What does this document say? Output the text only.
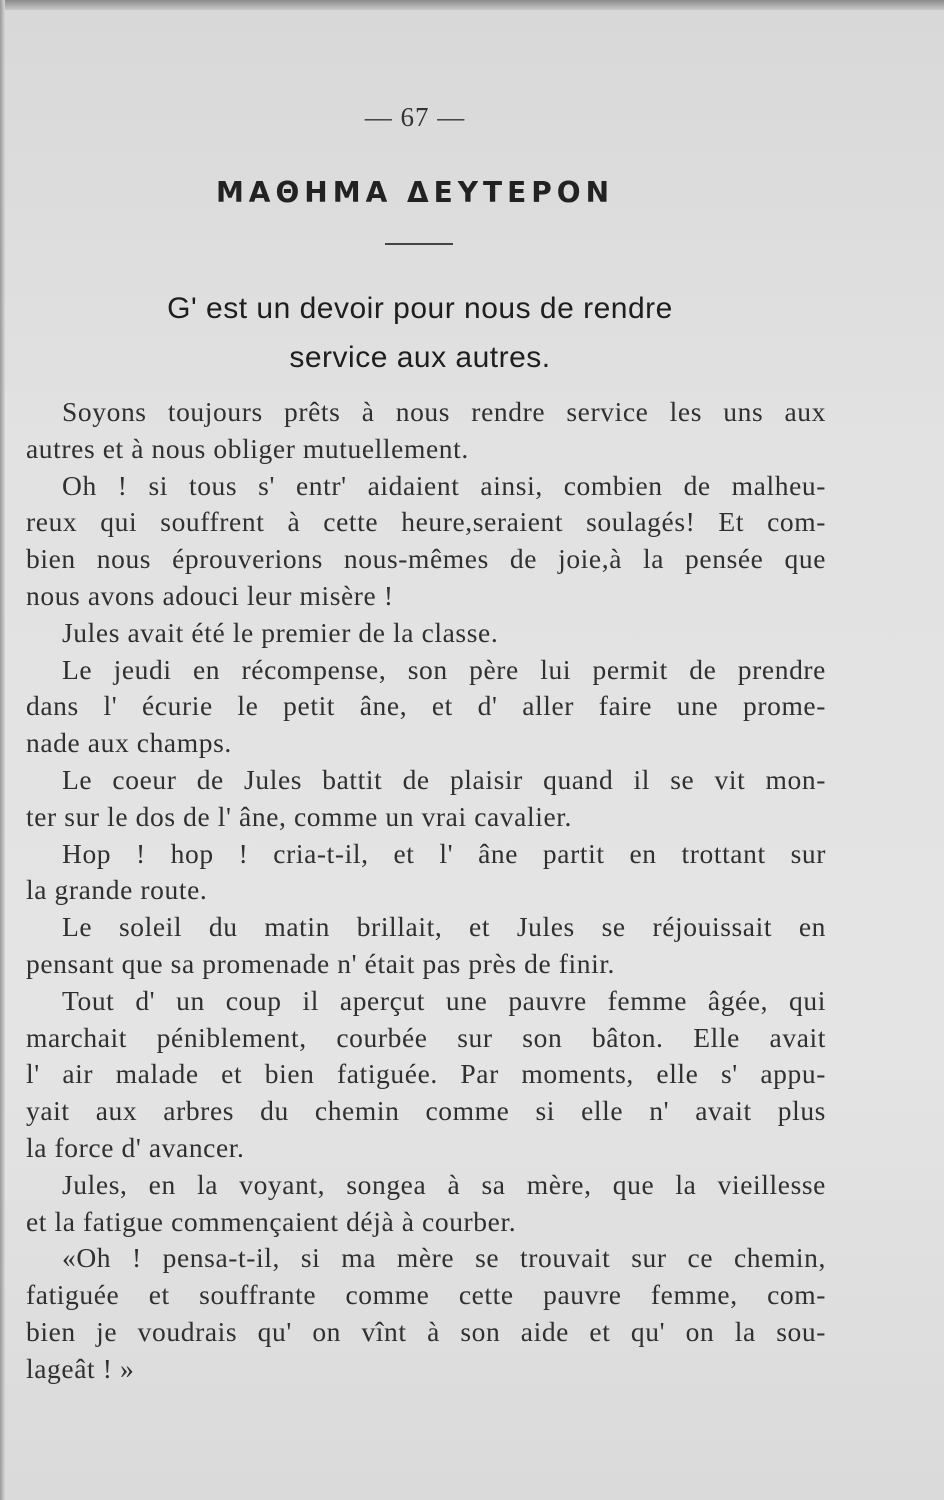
— 67 —
ΜΑΘΗΜΑ ΔΕΥΤΕΡΟΝ
G' est un devoir pour nous de rendre
service aux autres.
Soyons toujours prêts à nous rendre service les uns aux
autres et à nous obliger mutuellement.
Oh ! si tous s' entr' aidaient ainsi, combien de malheu-
reux qui souffrent à cette heure,seraient soulagés! Et com-
bien nous éprouverions nous-mêmes de joie,à la pensée que
nous avons adouci leur misère !
Jules avait été le premier de la classe.
Le jeudi en récompense, son père lui permit de prendre
dans l' écurie le petit âne, et d' aller faire une prome-
nade aux champs.
Le coeur de Jules battit de plaisir quand il se vit mon-
ter sur le dos de l' âne, comme un vrai cavalier.
Hop ! hop ! cria-t-il, et l' âne partit en trottant sur
la grande route.
Le soleil du matin brillait, et Jules se réjouissait en
pensant que sa promenade n' était pas près de finir.
Tout d' un coup il aperçut une pauvre femme âgée, qui
marchait péniblement, courbée sur son bâton. Elle avait
l' air malade et bien fatiguée. Par moments, elle s' appu-
yait aux arbres du chemin comme si elle n' avait plus
la force d' avancer.
Jules, en la voyant, songea à sa mère, que la vieillesse
et la fatigue commençaient déjà à courber.
«Oh ! pensa-t-il, si ma mère se trouvait sur ce chemin,
fatiguée et souffrante comme cette pauvre femme, com-
bien je voudrais qu' on vînt à son aide et qu' on la sou-
lageât ! »
